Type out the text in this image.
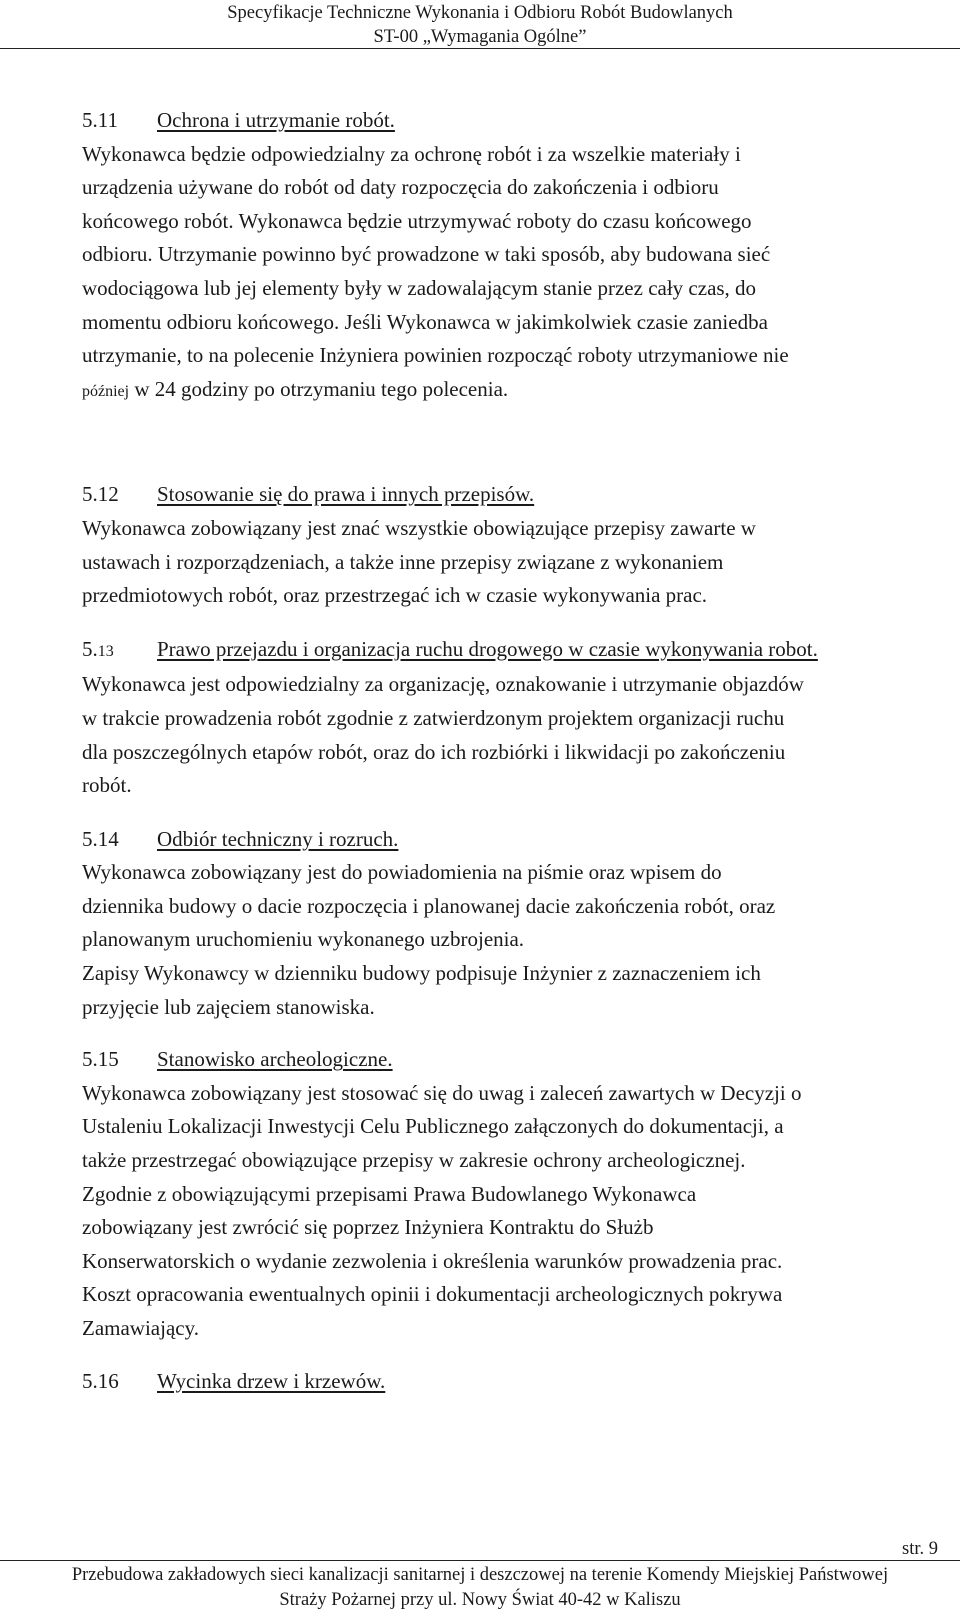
Specyfikacje Techniczne Wykonania i Odbioru Robót Budowlanych
ST-00 „Wymagania Ogólne”
5.11 Ochrona i utrzymanie robót.

Wykonawca będzie odpowiedzialny za ochronę robót i za wszelkie materiały i

urządzenia używane do robót od daty rozpoczęcia do zakończenia i odbioru

końcowego robót. Wykonawca będzie utrzymywać roboty do czasu końcowego

odbioru. Utrzymanie powinno być prowadzone w taki sposób, aby budowana sieć

wodociągowa lub jej elementy były w zadowalającym stanie przez cały czas, do

momentu odbioru końcowego. Jeśli Wykonawca w jakimkolwiek czasie zaniedba

utrzymanie, to na polecenie Inżyniera powinien rozpocząć roboty utrzymaniowe nie

później w 24 godziny po otrzymaniu tego polecenia.

5.12 Stosowanie się do prawa i innych przepisów.

Wykonawca zobowiązany jest znać wszystkie obowiązujące przepisy zawarte w

ustawach i rozporządzeniach, a także inne przepisy związane z wykonaniem

przedmiotowych robót, oraz przestrzegać ich w czasie wykonywania prac.

5.13 Prawo przejazdu i organizacja ruchu drogowego w czasie wykonywania robot.

Wykonawca jest odpowiedzialny za organizację, oznakowanie i utrzymanie objazdów

w trakcie prowadzenia robót zgodnie z zatwierdzonym projektem organizacji ruchu

dla poszczególnych etapów robót, oraz do ich rozbiórki i likwidacji po zakończeniu

robót.

5.14 Odbiór techniczny i rozruch.

Wykonawca zobowiązany jest do powiadomienia na piśmie oraz wpisem do

dziennika budowy o dacie rozpoczęcia i planowanej dacie zakończenia robót, oraz

planowanym uruchomieniu wykonanego uzbrojenia.

Zapisy Wykonawcy w dzienniku budowy podpisuje Inżynier z zaznaczeniem ich

przyjęcie lub zajęciem stanowiska.

5.15 Stanowisko archeologiczne.

Wykonawca zobowiązany jest stosować się do uwag i zaleceń zawartych w Decyzji o

Ustaleniu Lokalizacji Inwestycji Celu Publicznego załączonych do dokumentacji, a

także przestrzegać obowiązujące przepisy w zakresie ochrony archeologicznej.

Zgodnie z obowiązującymi przepisami Prawa Budowlanego Wykonawca

zobowiązany jest zwrócić się poprzez Inżyniera Kontraktu do Służb

Konserwatorskich o wydanie zezwolenia i określenia warunków prowadzenia prac.

Koszt opracowania ewentualnych opinii i dokumentacji archeologicznych pokrywa

Zamawiający.

5.16 Wycinka drzew i krzewów.
str. 9
Przebudowa zakładowych sieci kanalizacji sanitarnej i deszczowej na terenie Komendy Miejskiej Państwowej
Straży Pożarnej przy ul. Nowy Świat 40-42 w Kaliszu
